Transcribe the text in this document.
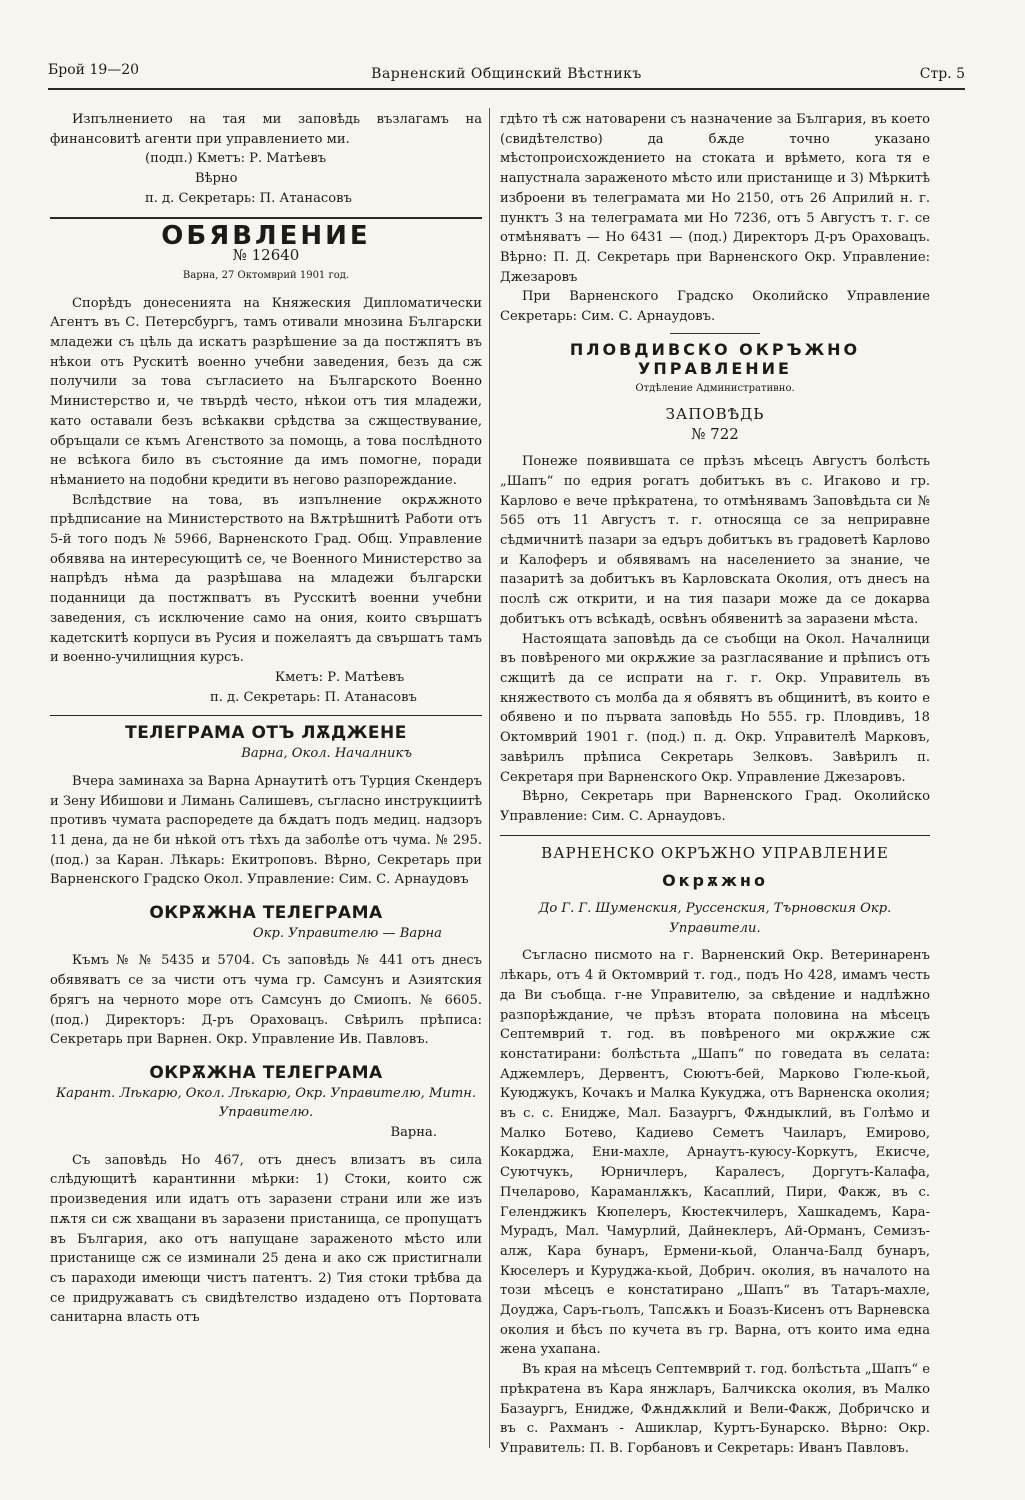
Брой 19—20	Варненский Общинский Вѣстникъ	Стр. 5

Изпълнението на тая ми заповѣдь възлагамъ на финансовитѣ агенти при управлението ми.

(подп.) Кметъ: Р. Матѣевъ

Вѣрно

п. д. Секретарь: П. Атанасовъ

ОБЯВЛЕНИЕ
№ 12640
Варна, 27 Октомврий 1901 год.

Спорѣдъ донесенията на Княжеския Дипломатически Агентъ въ С. Петерсбургъ, тамъ отивали мнозина Български младежи съ цѣль да искатъ разрѣшение за да постжпятъ въ нѣкои отъ Рускитѣ военно учебни заведения, безъ да сж получили за това съгласието на Българското Военно Министерство и, че твърдѣ често, нѣкои отъ тия младежи, като оставали безъ всѣкакви срѣдства за сжществувание, обръщали се къмъ Агенството за помощь, а това послѣдното не всѣкога било въ състояние да имъ помогне, поради нѣманието на подобни кредити въ негово разпореждание.

Вслѣдствие на това, въ изпълнение окрѫжното прѣдписание на Министерството на Вѫтрѣшнитѣ Работи отъ 5-й того подъ № 5966, Варненското Град. Общ. Управление обявява на интересующитѣ се, че Военного Министерство за напрѣдъ нѣма да разрѣшава на младежи български поданници да постжпватъ въ Русскитѣ военни учебни заведения, съ исключение само на ония, които свършатъ кадетскитѣ корпуси въ Русия и пожелаятъ да свършатъ тамъ и военно-училищния курсъ.

Кметъ: Р. Матѣевъ

п. д. Секретарь: П. Атанасовъ

ТЕЛЕГРАМА ОТЪ ЛѪДЖЕНЕ

Варна, Окол. Началникъ

Вчера заминаха за Варна Арнаутитѣ отъ Турция Скендеръ и Зену Ибишови и Лимань Салишевъ, съгласно инструкциитѣ противъ чумата распоредете да бѫдатъ подъ медиц. надзоръ 11 дена, да не би нѣкой отъ тѣхъ да заболѣе отъ чума. № 295. (под.) за Каран. Лѣкарь: Екитроповъ. Вѣрно, Секретарь при Варненского Градско Окол. Управление: Сим. С. Арнаудовъ

ОКРѪЖНА ТЕЛЕГРАМА

Окр. Управителю — Варна

Къмъ № № 5435 и 5704. Съ заповѣдь № 441 отъ днесъ обявяватъ се за чисти отъ чума гр. Самсунъ и Азиятския брягъ на черното море отъ Самсунъ до Смиопъ. № 6605. (под.) Директоръ: Д-ръ Ораховацъ. Свѣрилъ прѣписа: Секретарь при Варнен. Окр. Управление Ив. Павловъ.

ОКРѪЖНА ТЕЛЕГРАМА

Карант. Лѣкарю, Окол. Лѣкарю, Окр. Управителю, Митн. Управителю.

Варна.

Съ заповѣдь Но 467, отъ днесъ влизатъ въ сила слѣдующитѣ карантинни мѣрки: 1) Стоки, които сж произведения или идатъ отъ заразени страни или же изъ пѫтя си сж хващани въ заразени пристанища, се пропущатъ въ България, ако отъ напущане зараженото мѣсто или пристанище сж се изминали 25 дена и ако сж пристигнали съ параходи имеющи чистъ патентъ. 2) Тия стоки трѣбва да се придружаватъ съ свидѣтелство издадено отъ Портовата санитарна власть отъ

гдѣто тѣ сж натоварени съ назначение за България, въ което (свидѣтелство) да бѫде точно указано мѣстопроисхождението на стоката и врѣмето, кога тя е напустнала зараженото мѣсто или пристанище и 3) Мѣркитѣ изброени въ телеграмата ми Но 2150, отъ 26 Априлий н. г. пунктъ 3 на телеграмата ми Но 7236, отъ 5 Августъ т. г. се отмѣняватъ — Но 6431 — (под.) Директоръ Д-ръ Ораховацъ. Вѣрно: П. Д. Секретарь при Варненского Окр. Управление: Джезаровъ

При Варненского Градско Околийско Управление Секретарь: Сим. С. Арнаудовъ.

ПЛОВДИВСКО ОКРЪЖНО УПРАВЛЕНИЕ
Отдѣление Административно.
ЗАПОВѢДЬ
№ 722

Понеже появившата се прѣзъ мѣсецъ Августъ болѣсть „Шапъ“ по едрия рогатъ добитъкъ въ с. Игаково и гр. Карлово е вече прѣкратена, то отмѣнявамъ Заповѣдьта си № 565 отъ 11 Августъ т. г. относяща се за неприравне сѣдмичнитѣ пазари за едъръ добитъкъ въ градоветѣ Карлово и Калоферъ и обявявамъ на населението за знание, че пазаритѣ за добитъкъ въ Карловската Околия, отъ днесъ на послѣ сж открити, и на тия пазари може да се докарва добитъкъ отъ всѣкадѣ, освѣнъ обявенитѣ за заразени мѣста.

Настоящата заповѣдь да се съобщи на Окол. Началници въ повѣреного ми окрѫжие за разгласявание и прѣписъ отъ сжщитѣ да се испрати на г. г. Окр. Управитель въ княжеството съ молба да я обявятъ въ общинитѣ, въ които е обявено и по първата заповѣдь Но 555. гр. Пловдивъ, 18 Октомврий 1901 г. (под.) п. д. Окр. Управителѣ Марковъ, завѣрилъ прѣписа Секретарь Зелковъ. Завѣрилъ п. Секретаря при Варненского Окр. Управление Джезаровъ.

Вѣрно, Секретарь при Варненского Град. Околийско Управление: Сим. С. Арнаудовъ.

ВАРНЕНСКО ОКРЪЖНО УПРАВЛЕНИЕ
Окрѫжно

До Г. Г. Шуменския, Руссенския, Търновския Окр. Управители.

Съгласно писмото на г. Варненский Окр. Ветеринаренъ лѣкарь, отъ 4 й Октомврий т. год., подъ Но 428, имамъ честь да Ви съобща. г-не Управителю, за свѣдение и надлѣжно разпорѣждание, че прѣзъ втората половина на мѣсецъ Септемврий т. год. въ повѣреного ми окрѫжие сж констатирани: болѣстьта „Шапъ“ по говедата въ селата: Аджемлеръ, Дервентъ, Сюютъ-бей, Марково Гюле-кьой, Куюджукъ, Кочакъ и Малка Кукуджа, отъ Варненска околия; въ с. с. Енидже, Мал. Базаургъ, Фѫндыклий, въ Голѣмо и Малко Ботево, Кадиево Семетъ Чаиларъ, Емирово, Кокарджа, Ени-махле, Арнаутъ-куюсу-Коркутъ, Екисче, Суютчукъ, Юрничлеръ, Каралесъ, Доргутъ-Калафа, Пчеларово, Караманлѫкъ, Касаплий, Пири, Факж, въ с. Геленджикъ Кюпелеръ, Кюстекчилеръ, Хашкадемъ, Кара-Мурадъ, Мал. Чамурлий, Дайнеклеръ, Ай-Орманъ, Семизъ-алж, Кара бунаръ, Ермени-кьой, Оланча-Балд бунаръ, Кюселеръ и Куруджа-кьой, Добрич. околия, въ началото на този мѣсецъ е констатирано „Шапъ“ въ Татаръ-махле, Доуджа, Саръ-гьолъ, Тапсѫкъ и Боазъ-Кисенъ отъ Варневска околия и бѣсъ по кучета въ гр. Варна, отъ които има една жена ухапана.

Въ края на мѣсецъ Септемврий т. год. болѣстьта „Шапъ“ е прѣкратена въ Кара янжларъ, Балчикска околия, въ Малко Базаургъ, Енидже, Фѫндѫклий и Вели-Факж, Добричско и въ с. Рахманъ - Ашиклар, Куртъ-Бунарско. Вѣрно: Окр. Управитель: П. В. Горбановъ и Секретарь: Иванъ Павловъ.
